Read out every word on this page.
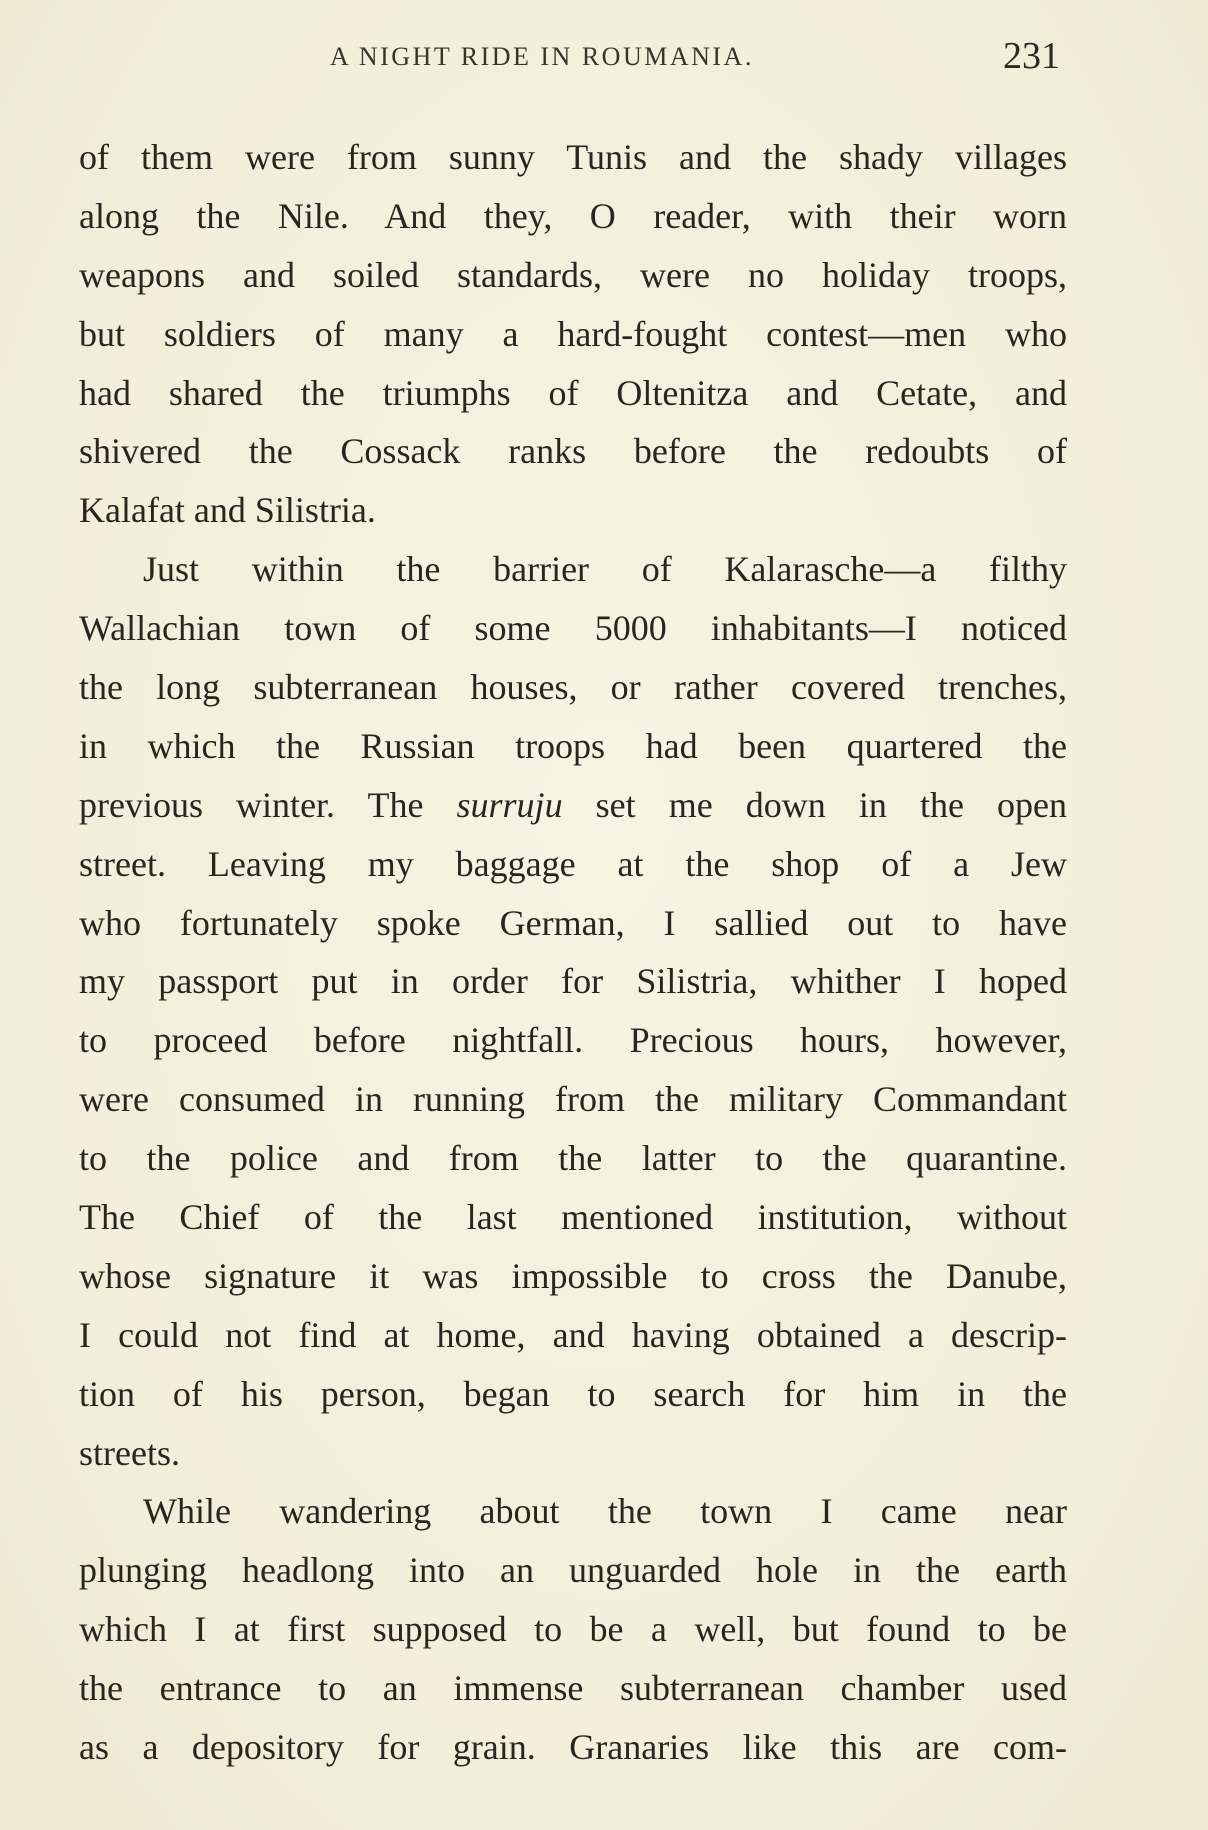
A NIGHT RIDE IN ROUMANIA.	231
of them were from sunny Tunis and the shady villages
along the Nile. And they, O reader, with their worn
weapons and soiled standards, were no holiday troops,
but soldiers of many a hard-fought contest—men who
had shared the triumphs of Oltenitza and Cetate, and
shivered the Cossack ranks before the redoubts of
Kalafat and Silistria.
Just within the barrier of Kalarasche—a filthy
Wallachian town of some 5000 inhabitants—I noticed
the long subterranean houses, or rather covered trenches,
in which the Russian troops had been quartered the
previous winter. The surruju set me down in the open
street. Leaving my baggage at the shop of a Jew
who fortunately spoke German, I sallied out to have
my passport put in order for Silistria, whither I hoped
to proceed before nightfall. Precious hours, however,
were consumed in running from the military Commandant
to the police and from the latter to the quarantine.
The Chief of the last mentioned institution, without
whose signature it was impossible to cross the Danube,
I could not find at home, and having obtained a descrip-
tion of his person, began to search for him in the
streets.
While wandering about the town I came near
plunging headlong into an unguarded hole in the earth
which I at first supposed to be a well, but found to be
the entrance to an immense subterranean chamber used
as a depository for grain. Granaries like this are com-
